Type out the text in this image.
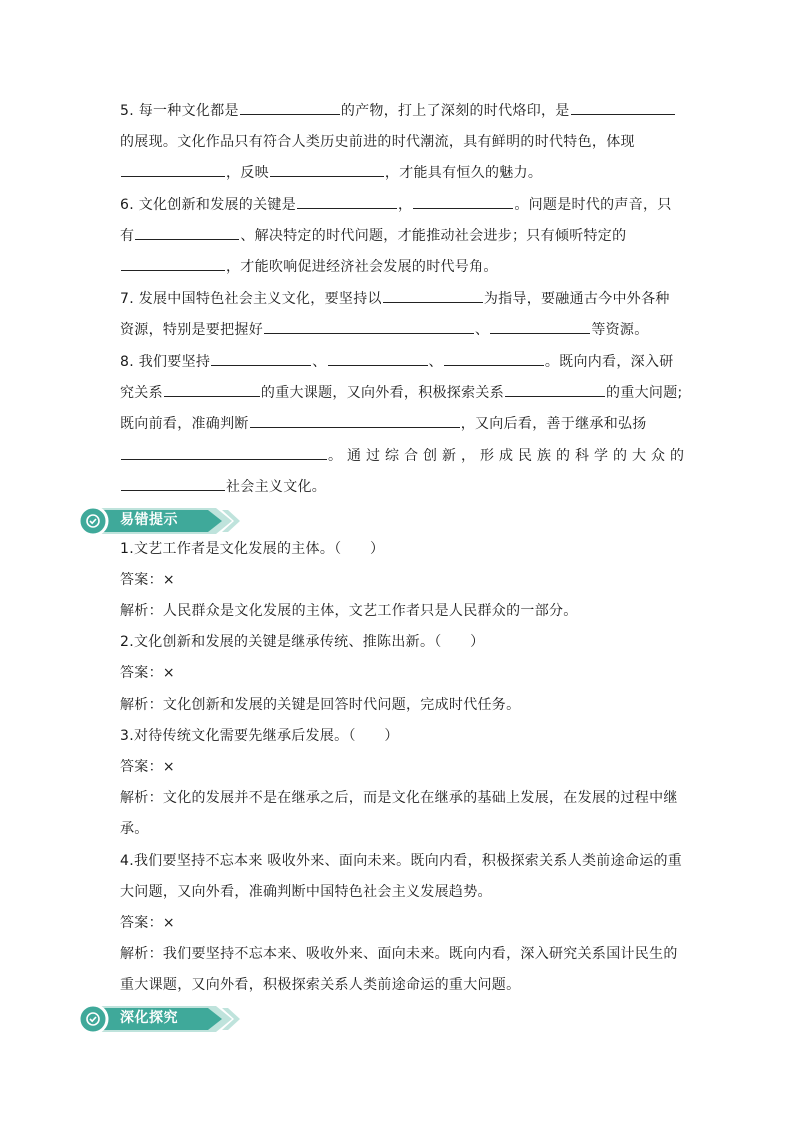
5. 每一种文化都是	的产物，打上了深刻的时代烙印，是
的展现。文化作品只有符合人类历史前进的时代潮流，具有鲜明的时代特色，体现
，反映	，才能具有恒久的魅力。
6. 文化创新和发展的关键是	，	。问题是时代的声音，只
有	、解决特定的时代问题，才能推动社会进步；只有倾听特定的
，才能吹响促进经济社会发展的时代号角。
7. 发展中国特色社会主义文化，要坚持以	为指导，要融通古今中外各种
资源，特别是要把握好	、	等资源。
8. 我们要坚持	、	、	。既向内看，深入研
究关系	的重大课题，又向外看，积极探索关系	的重大问题;
既向前看，准确判断	，又向后看，善于继承和弘扬
。通过综合创新，形成民族的科学的大众的
社会主义文化。
易错提示
1.文艺工作者是文化发展的主体。（　　）
答案：×
解析：人民群众是文化发展的主体，文艺工作者只是人民群众的一部分。
2.文化创新和发展的关键是继承传统、推陈出新。（　　）
答案：×
解析：文化创新和发展的关键是回答时代问题，完成时代任务。
3.对待传统文化需要先继承后发展。（　　）
答案：×
解析：文化的发展并不是在继承之后，而是文化在继承的基础上发展，在发展的过程中继
承。
4.我们要坚持不忘本来 吸收外来、面向未来。既向内看，积极探索关系人类前途命运的重
大问题，又向外看，准确判断中国特色社会主义发展趋势。
答案：×
解析：我们要坚持不忘本来、吸收外来、面向未来。既向内看，深入研究关系国计民生的
重大课题，又向外看，积极探索关系人类前途命运的重大问题。
深化探究
